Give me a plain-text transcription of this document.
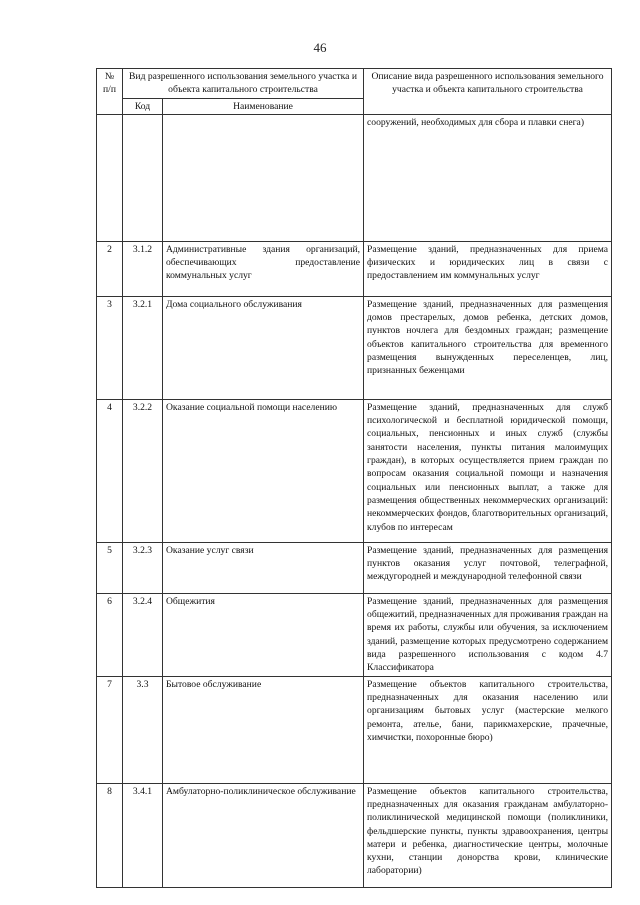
46
№ п/п	Вид разрешенного использования земельного участка и объекта капитального строительства		Описание вида разрешенного использования земельного участка и объекта капитального строительства
	Код	Наименование	
			сооружений, необходимых для сбора и плавки снега)
2	3.1.2	Административные здания организаций, обеспечивающих предоставление коммунальных услуг	Размещение зданий, предназначенных для приема физических и юридических лиц в связи с предоставлением им коммунальных услуг
3	3.2.1	Дома социального обслуживания	Размещение зданий, предназначенных для размещения домов престарелых, домов ребенка, детских домов, пунктов ночлега для бездомных граждан; размещение объектов капитального строительства для временного размещения вынужденных переселенцев, лиц, признанных беженцами
4	3.2.2	Оказание социальной помощи населению	Размещение зданий, предназначенных для служб психологической и бесплатной юридической помощи, социальных, пенсионных и иных служб (службы занятости населения, пункты питания малоимущих граждан), в которых осуществляется прием граждан по вопросам оказания социальной помощи и назначения социальных или пенсионных выплат, а также для размещения общественных некоммерческих организаций: некоммерческих фондов, благотворительных организаций, клубов по интересам
5	3.2.3	Оказание услуг связи	Размещение зданий, предназначенных для размещения пунктов оказания услуг почтовой, телеграфной, междугородней и международной телефонной связи
6	3.2.4	Общежития	Размещение зданий, предназначенных для размещения общежитий, предназначенных для проживания граждан на время их работы, службы или обучения, за исключением зданий, размещение которых предусмотрено содержанием вида разрешенного использования с кодом 4.7 Классификатора
7	3.3	Бытовое обслуживание	Размещение объектов капитального строительства, предназначенных для оказания населению или организациям бытовых услуг (мастерские мелкого ремонта, ателье, бани, парикмахерские, прачечные, химчистки, похоронные бюро)
8	3.4.1	Амбулаторно-поликлиническое обслуживание	Размещение объектов капитального строительства, предназначенных для оказания гражданам амбулаторно-поликлинической медицинской помощи (поликлиники, фельдшерские пункты, пункты здравоохранения, центры матери и ребенка, диагностические центры, молочные кухни, станции донорства крови, клинические лаборатории)
